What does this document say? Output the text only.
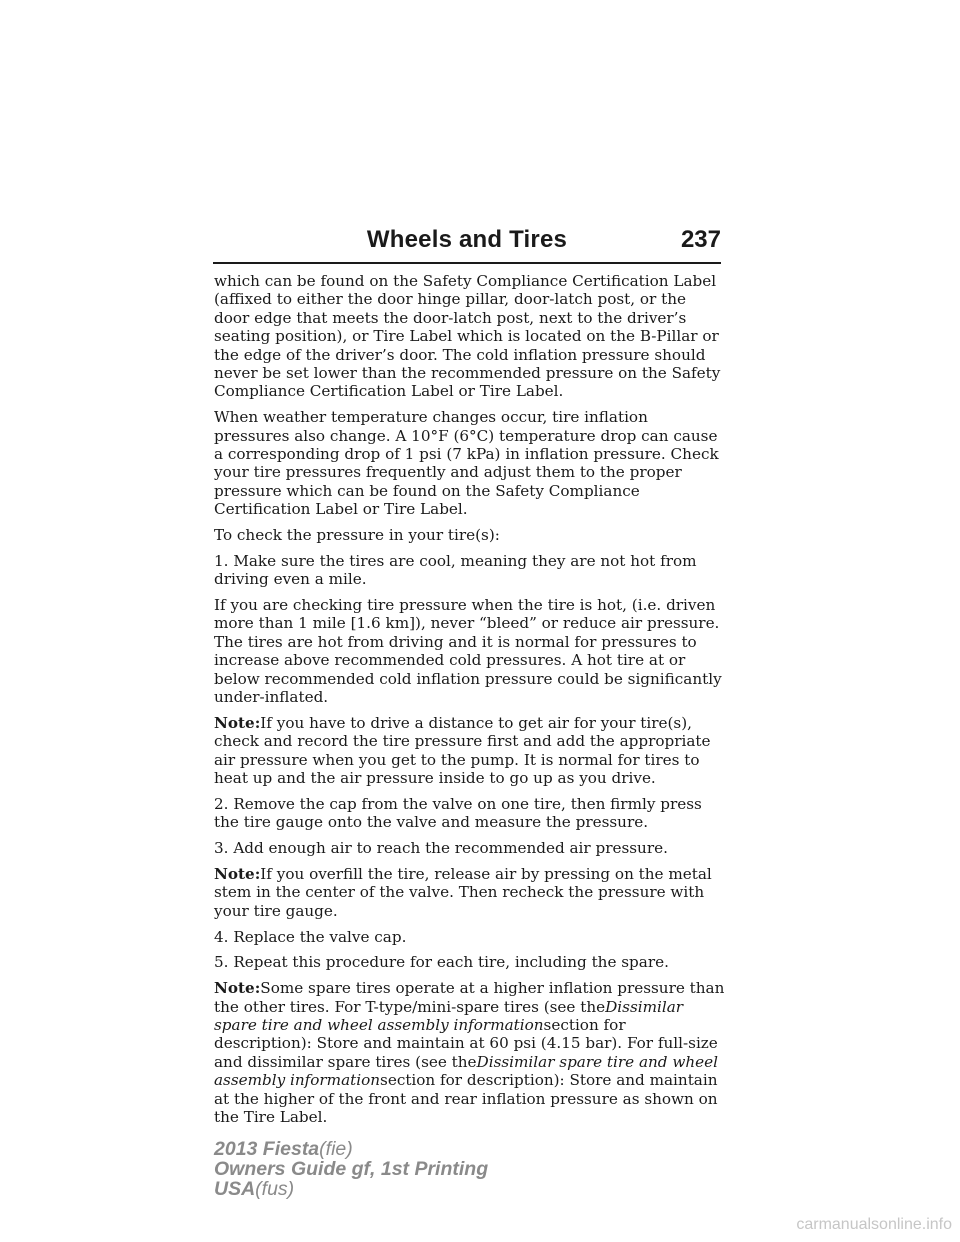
Wheels and Tires	237

which can be found on the Safety Compliance Certification Label (affixed to either the door hinge pillar, door-latch post, or the door edge that meets the door-latch post, next to the driver’s seating position), or Tire Label which is located on the B-Pillar or the edge of the driver’s door. The cold inflation pressure should never be set lower than the recommended pressure on the Safety Compliance Certification Label or Tire Label.

When weather temperature changes occur, tire inflation pressures also change. A 10°F (6°C) temperature drop can cause a corresponding drop of 1 psi (7 kPa) in inflation pressure. Check your tire pressures frequently and adjust them to the proper pressure which can be found on the Safety Compliance Certification Label or Tire Label.

To check the pressure in your tire(s):

1. Make sure the tires are cool, meaning they are not hot from driving even a mile.

If you are checking tire pressure when the tire is hot, (i.e. driven more than 1 mile [1.6 km]), never “bleed” or reduce air pressure. The tires are hot from driving and it is normal for pressures to increase above recommended cold pressures. A hot tire at or below recommended cold inflation pressure could be significantly under-inflated.

Note:If you have to drive a distance to get air for your tire(s), check and record the tire pressure first and add the appropriate air pressure when you get to the pump. It is normal for tires to heat up and the air pressure inside to go up as you drive.

2. Remove the cap from the valve on one tire, then firmly press the tire gauge onto the valve and measure the pressure.

3. Add enough air to reach the recommended air pressure.

Note:If you overfill the tire, release air by pressing on the metal stem in the center of the valve. Then recheck the pressure with your tire gauge.

4. Replace the valve cap.

5. Repeat this procedure for each tire, including the spare.

Note:Some spare tires operate at a higher inflation pressure than the other tires. For T-type/mini-spare tires (see theDissimilar spare tire and wheel assembly informationsection for description): Store and maintain at 60 psi (4.15 bar). For full-size and dissimilar spare tires (see theDissimilar spare tire and wheel assembly informationsection for description): Store and maintain at the higher of the front and rear inflation pressure as shown on the Tire Label.

2013 Fiesta(fie)
Owners Guide gf, 1st Printing
USA(fus)
carmanualsonline.info
